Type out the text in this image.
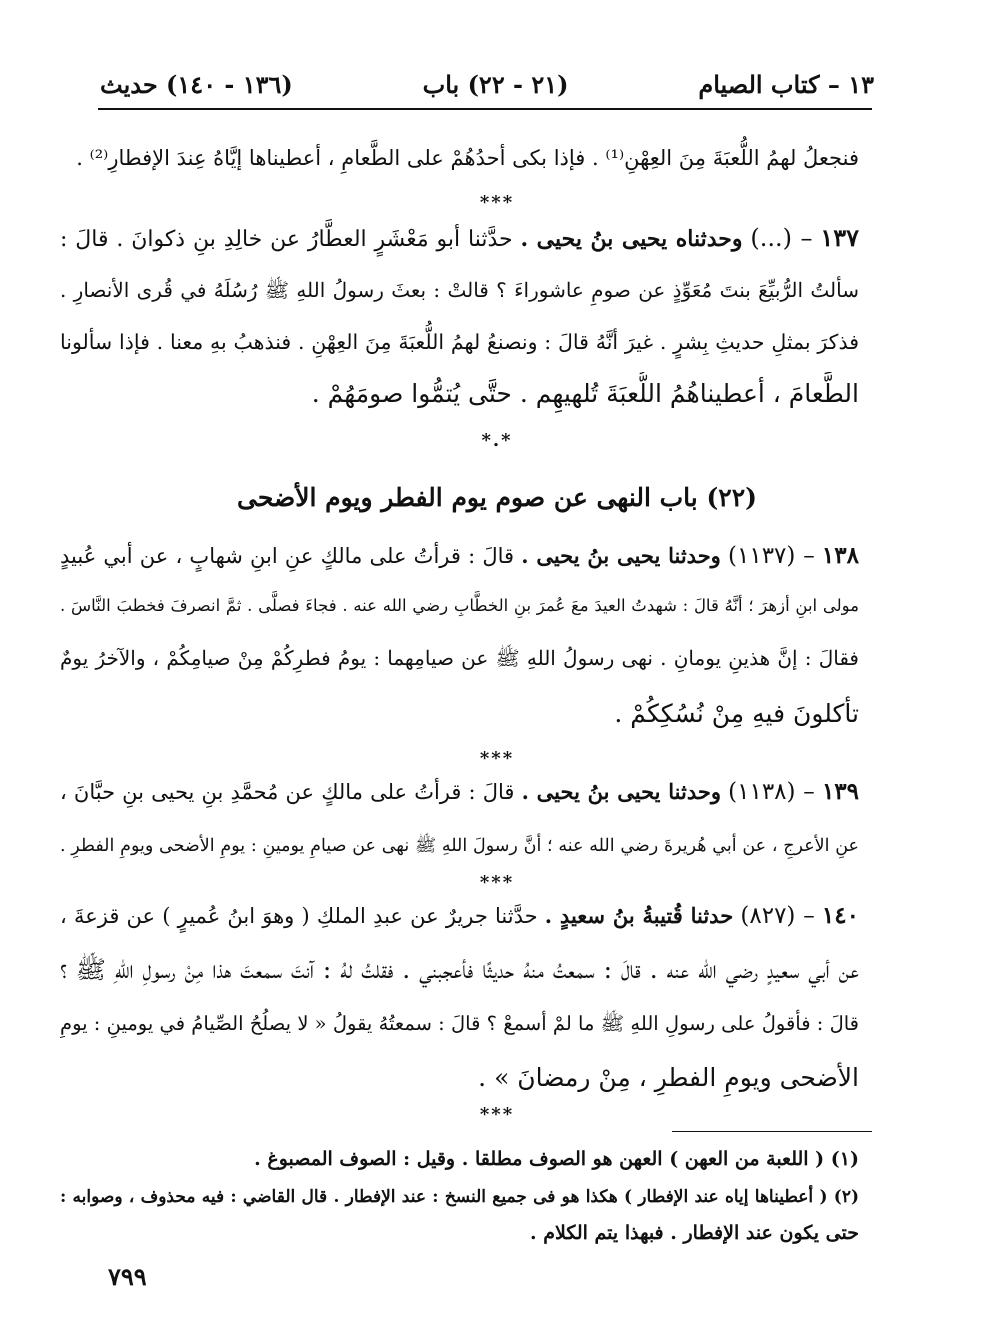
١٣ – كتاب الصيام
(٢١ - ٢٢) باب
(١٣٦ - ١٤٠) حديث
فنجعلُ لهمُ اللُّعبَةَ مِنَ العِهْنِ⁽¹⁾ . فإذا بكى أحدُهُمْ على الطَّعامِ ، أعطيناها إيَّاهُ عِندَ الإفطارِ⁽²⁾ .
***
١٣٧ – (...) وحدثناه يحيى بنُ يحيى . حدَّثنا أبو مَعْشَرٍ العطَّارُ عن خالِدِ بنِ ذكوانَ . قالَ :
سألتُ الرُّبيِّعَ بنتَ مُعَوِّذٍ عن صومِ عاشوراءَ ؟ قالتْ : بعثَ رسولُ اللهِ ﷺ رُسُلَهُ في قُرى الأنصارِ .
فذكرَ بمثلِ حديثِ بِشرٍ . غيرَ أنَّهُ قالَ : ونصنعُ لهمُ اللُّعبَةَ مِنَ العِهْنِ . فنذهبُ بهِ معنا . فإذا سألونا
الطَّعامَ ، أعطيناهُمُ اللُّعبَةَ تُلهيهِم . حتَّى يُتمُّوا صومَهُمْ .
*.*
(٢٢) باب النهى عن صوم يوم الفطر ويوم الأضحى
١٣٨ – (١١٣٧) وحدثنا يحيى بنُ يحيى . قالَ : قرأتُ على مالكٍ عنِ ابنِ شهابٍ ، عن أبي عُبيدٍ
مولى ابنِ أزهرَ ؛ أنَّهُ قالَ : شهدتُ العيدَ معَ عُمرَ بنِ الخطَّابِ رضي الله عنه . فجاءَ فصلَّى . ثمَّ انصرفَ فخطبَ النَّاسَ .
فقالَ : إنَّ هذينِ يومانِ . نهى رسولُ اللهِ ﷺ عن صيامِهما : يومُ فطرِكُمْ مِنْ صيامِكُمْ ، والآخرُ يومٌ
تأكلونَ فيهِ مِنْ نُسُكِكُمْ .
***
١٣٩ – (١١٣٨) وحدثنا يحيى بنُ يحيى . قالَ : قرأتُ على مالكٍ عن مُحمَّدِ بنِ يحيى بنِ حبَّانَ ،
عنِ الأعرجِ ، عن أبي هُريرةَ رضي الله عنه ؛ أنَّ رسولَ اللهِ ﷺ نهى عن صيامِ يومينِ : يومِ الأضحى ويومِ الفطرِ .
***
١٤٠ – (٨٢٧) حدثنا قُتيبةُ بنُ سعيدٍ . حدَّثنا جريرٌ عن عبدِ الملكِ ( وهوَ ابنُ عُميرٍ ) عن قزعةَ ،
عن أبي سعيدٍ رضي الله عنه . قالَ : سمعتُ منهُ حديثًا فأعجبني . فقلتُ لهُ : آنتَ سمعتَ هذا مِنْ رسولِ اللهِ ﷺ ؟
قالَ : فأقولُ على رسولِ اللهِ ﷺ ما لمْ أسمعْ ؟ قالَ : سمعتُهُ يقولُ « لا يصلُحُ الصِّيامُ في يومينِ : يومِ
الأضحى ويومِ الفطرِ ، مِنْ رمضانَ » .
***
(١) ( اللعبة من العهن ) العهن هو الصوف مطلقا . وقيل : الصوف المصبوغ .
(٢) ( أعطيناها إياه عند الإفطار ) هكذا هو فى جميع النسخ : عند الإفطار . قال القاضي : فيه محذوف ، وصوابه :
حتى يكون عند الإفطار . فبهذا يتم الكلام .
٧٩٩
